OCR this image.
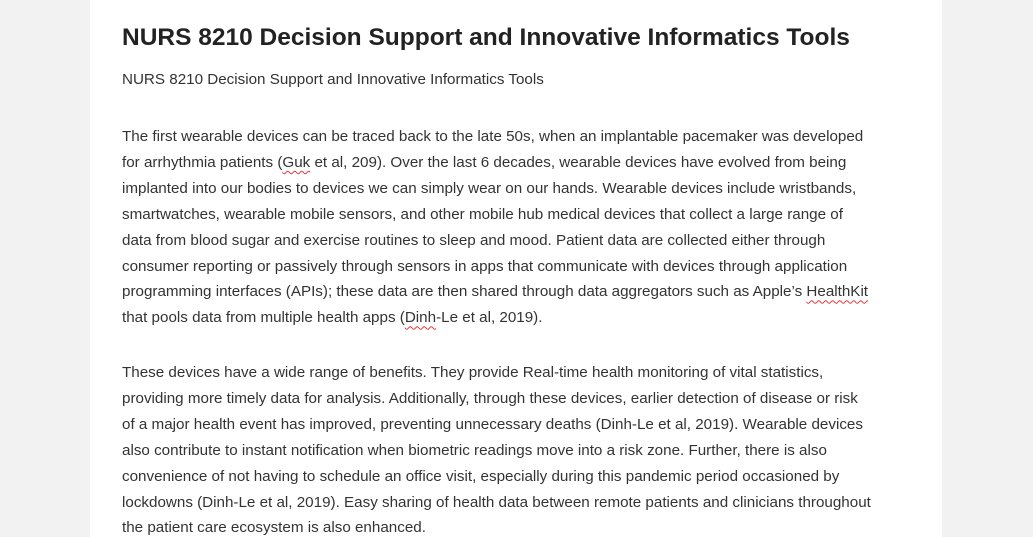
NURS 8210 Decision Support and Innovative Informatics Tools

NURS 8210 Decision Support and Innovative Informatics Tools

The first wearable devices can be traced back to the late 50s, when an implantable pacemaker was developed
for arrhythmia patients (Guk et al, 209). Over the last 6 decades, wearable devices have evolved from being
implanted into our bodies to devices we can simply wear on our hands. Wearable devices include wristbands,
smartwatches, wearable mobile sensors, and other mobile hub medical devices that collect a large range of
data from blood sugar and exercise routines to sleep and mood. Patient data are collected either through
consumer reporting or passively through sensors in apps that communicate with devices through application
programming interfaces (APIs); these data are then shared through data aggregators such as Apple’s HealthKit
that pools data from multiple health apps (Dinh-Le et al, 2019).

These devices have a wide range of benefits. They provide Real-time health monitoring of vital statistics,
providing more timely data for analysis. Additionally, through these devices, earlier detection of disease or risk
of a major health event has improved, preventing unnecessary deaths (Dinh-Le et al, 2019). Wearable devices
also contribute to instant notification when biometric readings move into a risk zone. Further, there is also
convenience of not having to schedule an office visit, especially during this pandemic period occasioned by
lockdowns (Dinh-Le et al, 2019). Easy sharing of health data between remote patients and clinicians throughout
the patient care ecosystem is also enhanced.
